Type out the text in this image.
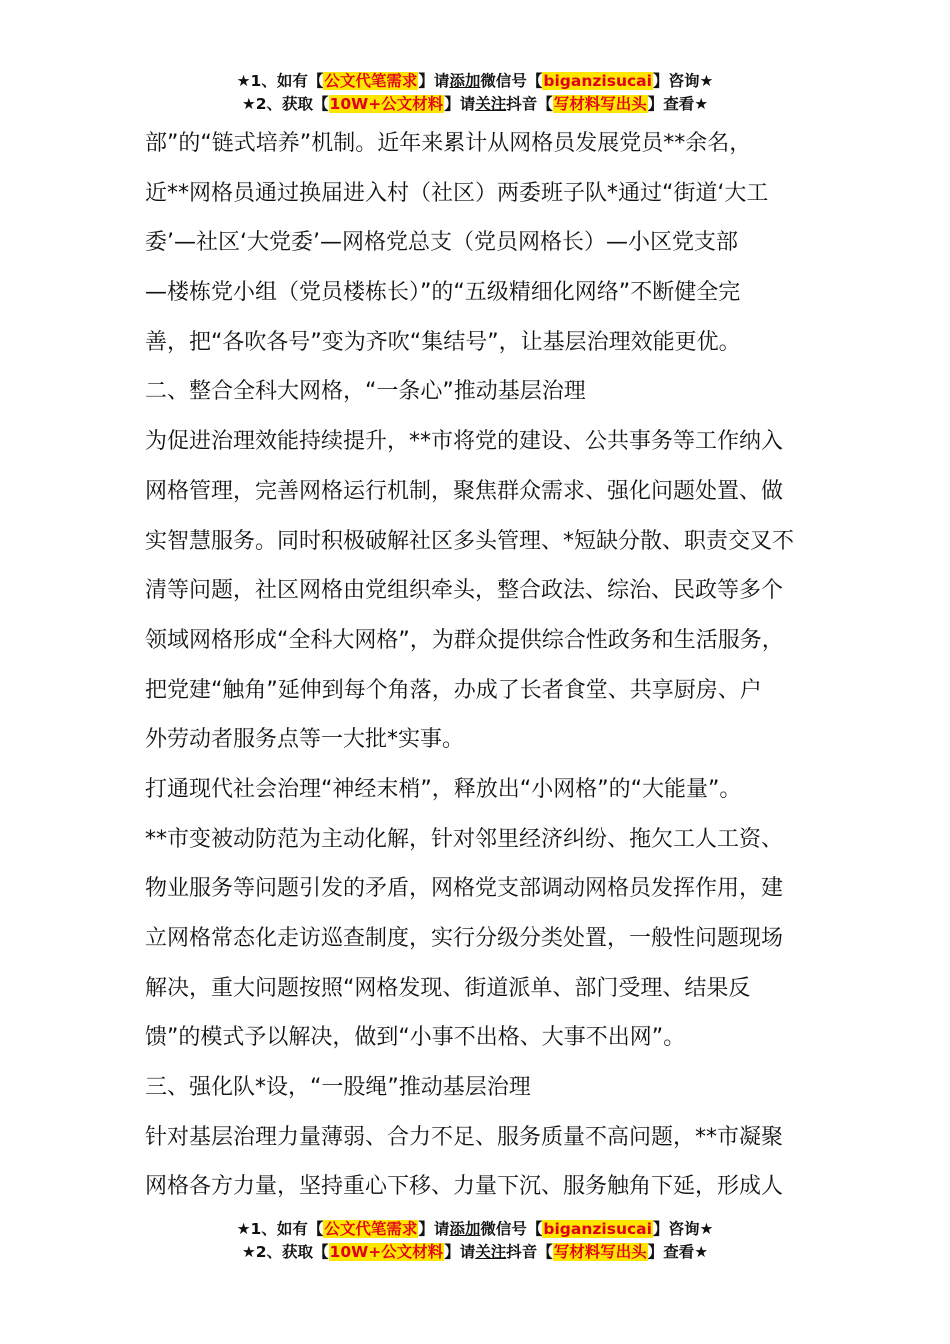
★1、如有【公文代笔需求】请添加微信号【biganzisucai】咨询★
★2、获取【10W+公文材料】请关注抖音【写材料写出头】查看★
部”的“链式培养”机制。近年来累计从网格员发展党员**余名，
近**网格员通过换届进入村（社区）两委班子队*通过“街道‘大工
委’—社区‘大党委’—网格党总支（党员网格长）—小区党支部
—楼栋党小组（党员楼栋长）”的“五级精细化网络”不断健全完
善，把“各吹各号”变为齐吹“集结号”，让基层治理效能更优。
二、整合全科大网格，“一条心”推动基层治理
为促进治理效能持续提升，**市将党的建设、公共事务等工作纳入
网格管理，完善网格运行机制，聚焦群众需求、强化问题处置、做
实智慧服务。同时积极破解社区多头管理、*短缺分散、职责交叉不
清等问题，社区网格由党组织牵头，整合政法、综治、民政等多个
领域网格形成“全科大网格”，为群众提供综合性政务和生活服务，
把党建“触角”延伸到每个角落，办成了长者食堂、共享厨房、户
外劳动者服务点等一大批*实事。
打通现代社会治理“神经末梢”，释放出“小网格”的“大能量”。
**市变被动防范为主动化解，针对邻里经济纠纷、拖欠工人工资、
物业服务等问题引发的矛盾，网格党支部调动网格员发挥作用，建
立网格常态化走访巡查制度，实行分级分类处置，一般性问题现场
解决，重大问题按照“网格发现、街道派单、部门受理、结果反
馈”的模式予以解决，做到“小事不出格、大事不出网”。
三、强化队*设，“一股绳”推动基层治理
针对基层治理力量薄弱、合力不足、服务质量不高问题，**市凝聚
网格各方力量，坚持重心下移、力量下沉、服务触角下延，形成人
★1、如有【公文代笔需求】请添加微信号【biganzisucai】咨询★
★2、获取【10W+公文材料】请关注抖音【写材料写出头】查看★
